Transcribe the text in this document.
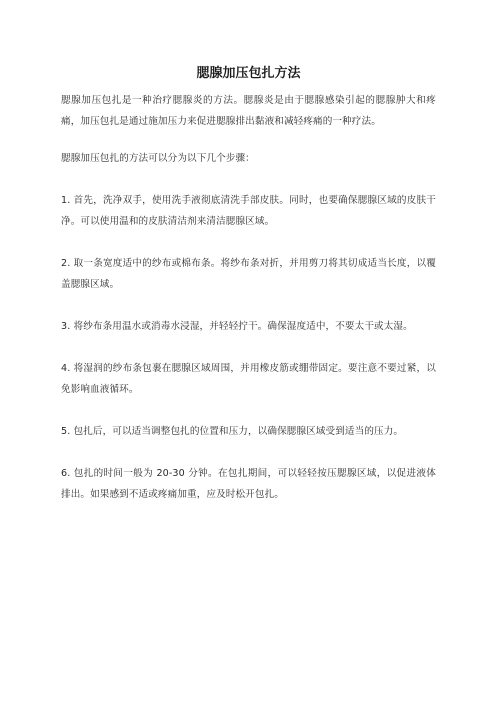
腮腺加压包扎方法

腮腺加压包扎是一种治疗腮腺炎的方法。腮腺炎是由于腮腺感染引起的腮腺肿大和疼痛，加压包扎是通过施加压力来促进腮腺排出黏液和减轻疼痛的一种疗法。

腮腺加压包扎的方法可以分为以下几个步骤：

1. 首先，洗净双手，使用洗手液彻底清洗手部皮肤。同时，也要确保腮腺区域的皮肤干净。可以使用温和的皮肤清洁剂来清洁腮腺区域。

2. 取一条宽度适中的纱布或棉布条。将纱布条对折，并用剪刀将其切成适当长度，以覆盖腮腺区域。

3. 将纱布条用温水或消毒水浸湿，并轻轻拧干。确保湿度适中，不要太干或太湿。

4. 将湿润的纱布条包裹在腮腺区域周围，并用橡皮筋或绷带固定。要注意不要过紧，以免影响血液循环。

5. 包扎后，可以适当调整包扎的位置和压力，以确保腮腺区域受到适当的压力。

6. 包扎的时间一般为 20-30 分钟。在包扎期间，可以轻轻按压腮腺区域，以促进液体排出。如果感到不适或疼痛加重，应及时松开包扎。
